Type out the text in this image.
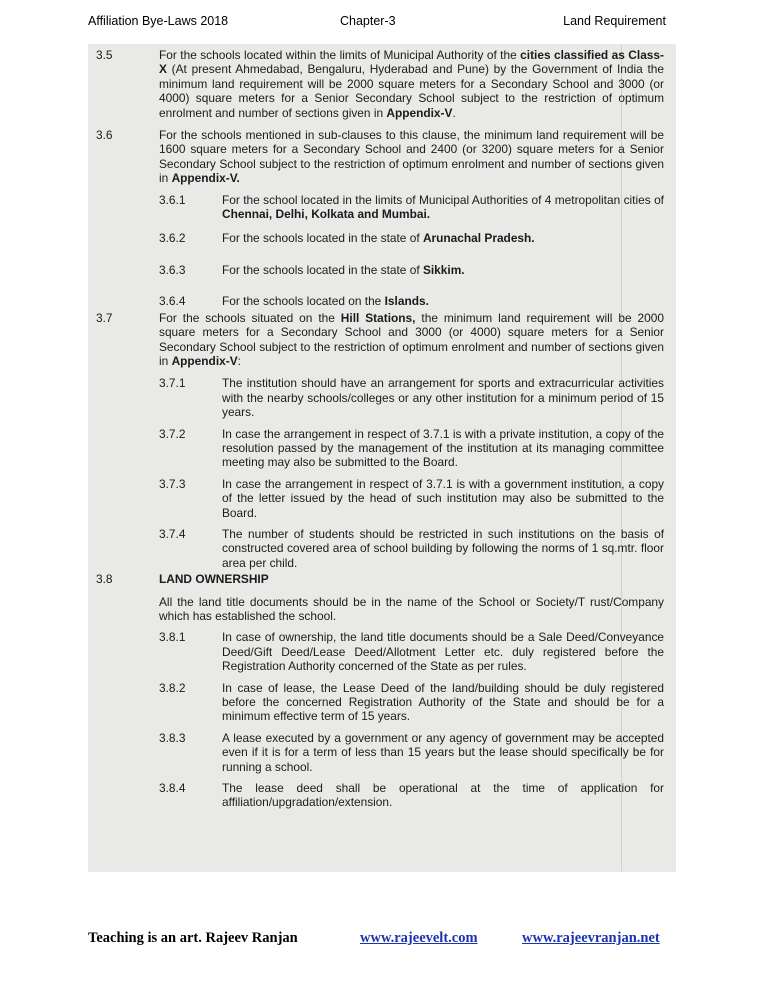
Affiliation Bye-Laws 2018	Chapter-3	Land Requirement
3.5	For the schools located within the limits of Municipal Authority of the cities classified as Class-X (At present Ahmedabad, Bengaluru, Hyderabad and Pune) by the Government of India the minimum land requirement will be 2000 square meters for a Secondary School and 3000 (or 4000) square meters for a Senior Secondary School subject to the restriction of optimum enrolment and number of sections given in Appendix-V.

3.6	For the schools mentioned in sub-clauses to this clause, the minimum land requirement will be 1600 square meters for a Secondary School and 2400 (or 3200) square meters for a Senior Secondary School subject to the restriction of optimum enrolment and number of sections given in Appendix-V.

3.6.1	For the school located in the limits of Municipal Authorities of 4 metropolitan cities of Chennai, Delhi, Kolkata and Mumbai.

3.6.2	For the schools located in the state of Arunachal Pradesh.

3.6.3	For the schools located in the state of Sikkim.

3.6.4	For the schools located on the Islands.

3.7	For the schools situated on the Hill Stations, the minimum land requirement will be 2000 square meters for a Secondary School and 3000 (or 4000) square meters for a Senior Secondary School subject to the restriction of optimum enrolment and number of sections given in Appendix-V:

3.7.1	The institution should have an arrangement for sports and extracurricular activities with the nearby schools/colleges or any other institution for a minimum period of 15 years.

3.7.2	In case the arrangement in respect of 3.7.1 is with a private institution, a copy of the resolution passed by the management of the institution at its managing committee meeting may also be submitted to the Board.

3.7.3	In case the arrangement in respect of 3.7.1 is with a government institution, a copy of the letter issued by the head of such institution may also be submitted to the Board.

3.7.4	The number of students should be restricted in such institutions on the basis of constructed covered area of school building by following the norms of 1 sq.mtr. floor area per child.

3.8	LAND OWNERSHIP

All the land title documents should be in the name of the School or Society/T rust/Company which has established the school.

3.8.1	In case of ownership, the land title documents should be a Sale Deed/Conveyance Deed/Gift Deed/Lease Deed/Allotment Letter etc. duly registered before the Registration Authority concerned of the State as per rules.

3.8.2	In case of lease, the Lease Deed of the land/building should be duly registered before the concerned Registration Authority of the State and should be for a minimum effective term of 15 years.

3.8.3	A lease executed by a government or any agency of government may be accepted even if it is for a term of less than 15 years but the lease should specifically be for running a school.

3.8.4	The lease deed shall be operational at the time of application for affiliation/upgradation/extension.

Teaching is an art. Rajeev Ranjan	www.rajeevelt.com	www.rajeevranjan.net
